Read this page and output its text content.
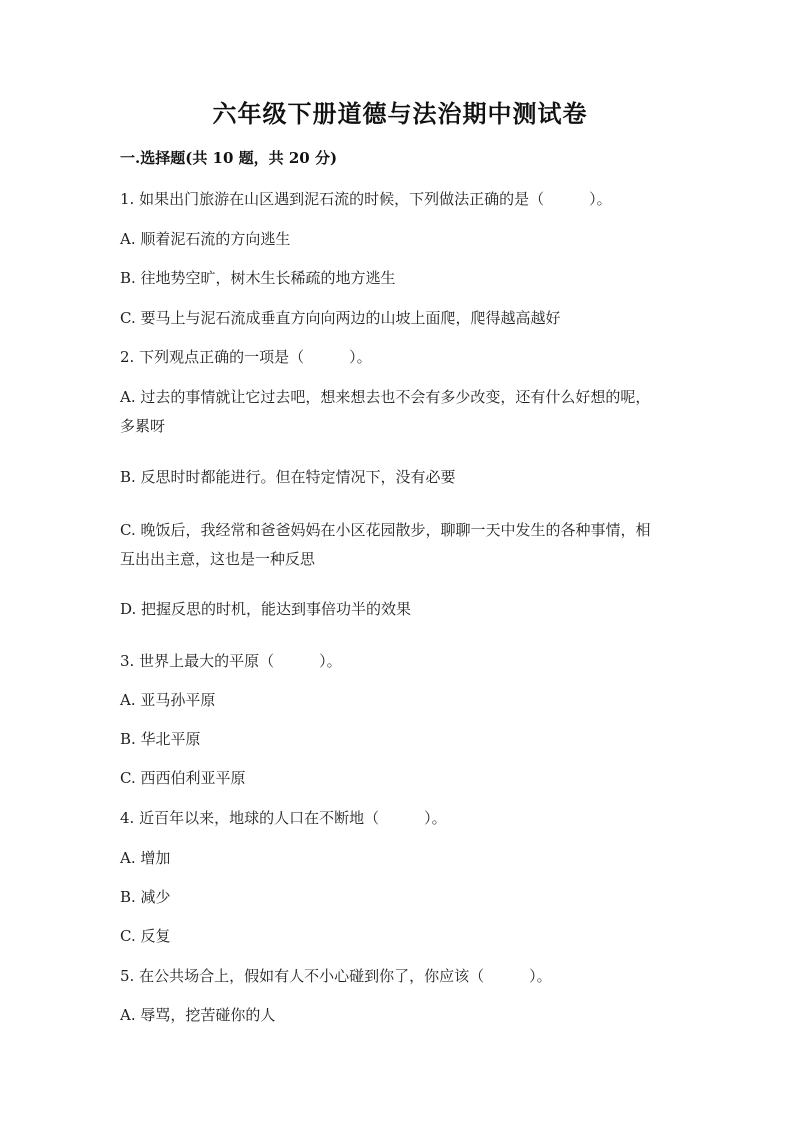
六年级下册道德与法治期中测试卷
一.选择题(共 10 题，共 20 分)
1. 如果出门旅游在山区遇到泥石流的时候，下列做法正确的是（　　　）。
A. 顺着泥石流的方向逃生
B. 往地势空旷，树木生长稀疏的地方逃生
C. 要马上与泥石流成垂直方向向两边的山坡上面爬，爬得越高越好
2. 下列观点正确的一项是（　　　）。
A. 过去的事情就让它过去吧，想来想去也不会有多少改变，还有什么好想的呢，多累呀
B. 反思时时都能进行。但在特定情况下，没有必要
C. 晚饭后，我经常和爸爸妈妈在小区花园散步，聊聊一天中发生的各种事情，相互出出主意，这也是一种反思
D. 把握反思的时机，能达到事倍功半的效果
3. 世界上最大的平原（　　　）。
A. 亚马孙平原
B. 华北平原
C. 西西伯利亚平原
4. 近百年以来，地球的人口在不断地（　　　）。
A. 增加
B. 减少
C. 反复
5. 在公共场合上，假如有人不小心碰到你了，你应该（　　　）。
A. 辱骂，挖苦碰你的人
